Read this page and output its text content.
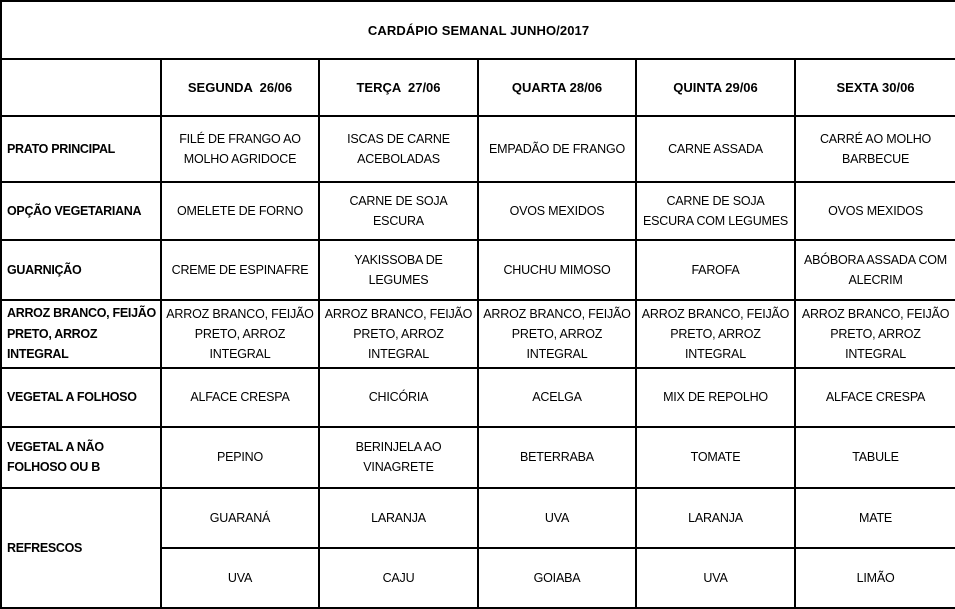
CARDÁPIO SEMANAL JUNHO/2017					
	SEGUNDA  26/06	TERÇA  27/06	QUARTA 28/06	QUINTA 29/06	SEXTA 30/06
PRATO PRINCIPAL	FILÉ DE FRANGO AO MOLHO AGRIDOCE	ISCAS DE CARNE ACEBOLADAS	EMPADÃO DE FRANGO	CARNE ASSADA	CARRÉ AO MOLHO BARBECUE
OPÇÃO VEGETARIANA	OMELETE DE FORNO	CARNE DE SOJA ESCURA	OVOS MEXIDOS	CARNE DE SOJA ESCURA COM LEGUMES	OVOS MEXIDOS
GUARNIÇÃO	CREME DE ESPINAFRE	YAKISSOBA DE LEGUMES	CHUCHU MIMOSO	FAROFA	ABÓBORA ASSADA COM ALECRIM
ARROZ BRANCO, FEIJÃO PRETO, ARROZ INTEGRAL	ARROZ BRANCO, FEIJÃO PRETO, ARROZ INTEGRAL	ARROZ BRANCO, FEIJÃO PRETO, ARROZ INTEGRAL	ARROZ BRANCO, FEIJÃO PRETO, ARROZ INTEGRAL	ARROZ BRANCO, FEIJÃO PRETO, ARROZ INTEGRAL	ARROZ BRANCO, FEIJÃO PRETO, ARROZ INTEGRAL
VEGETAL A FOLHOSO	ALFACE CRESPA	CHICÓRIA	ACELGA	MIX DE REPOLHO	ALFACE CRESPA
VEGETAL A NÃO FOLHOSO OU B	PEPINO	BERINJELA AO VINAGRETE	BETERRABA	TOMATE	TABULE
REFRESCOS	GUARANÁ	LARANJA	UVA	LARANJA	MATE
	UVA	CAJU	GOIABA	UVA	LIMÃO
